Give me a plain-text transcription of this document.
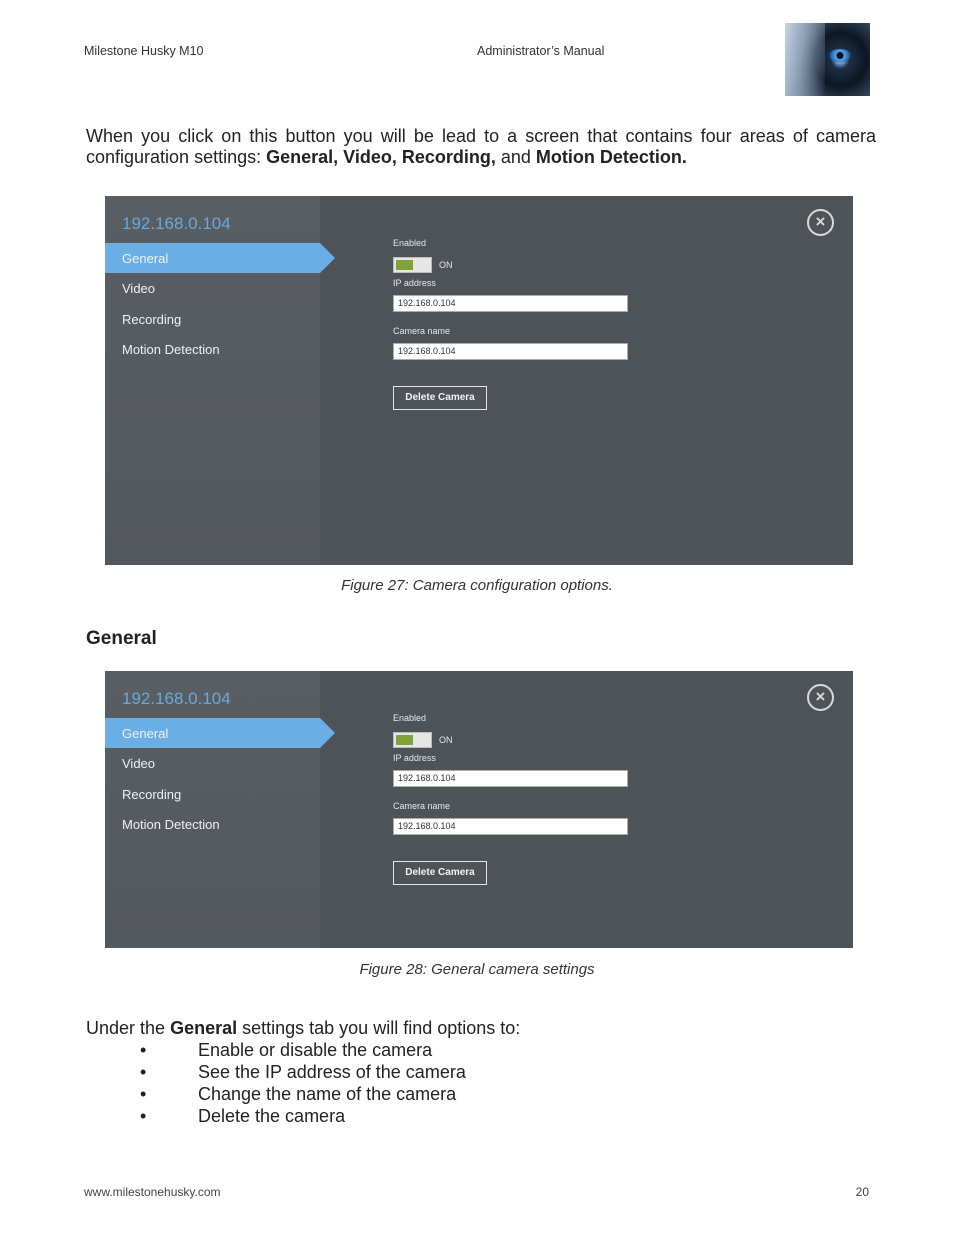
Milestone Husky M10	Administrator’s Manual

When you click on this button you will be lead to a screen that contains four areas of camera configuration settings: General, Video, Recording, and Motion Detection.

192.168.0.104
General
Video
Recording
Motion Detection
Enabled
ON
IP address
192.168.0.104
Camera name
192.168.0.104
Delete Camera
×
Figure 27: Camera configuration options.
General
192.168.0.104
General
Video
Recording
Motion Detection
Enabled
ON
IP address
192.168.0.104
Camera name
192.168.0.104
Delete Camera
×
Figure 28: General camera settings
Under the General settings tab you will find options to:
•	Enable or disable the camera
•	See the IP address of the camera
•	Change the name of the camera
•	Delete the camera
www.milestonehusky.com	20
